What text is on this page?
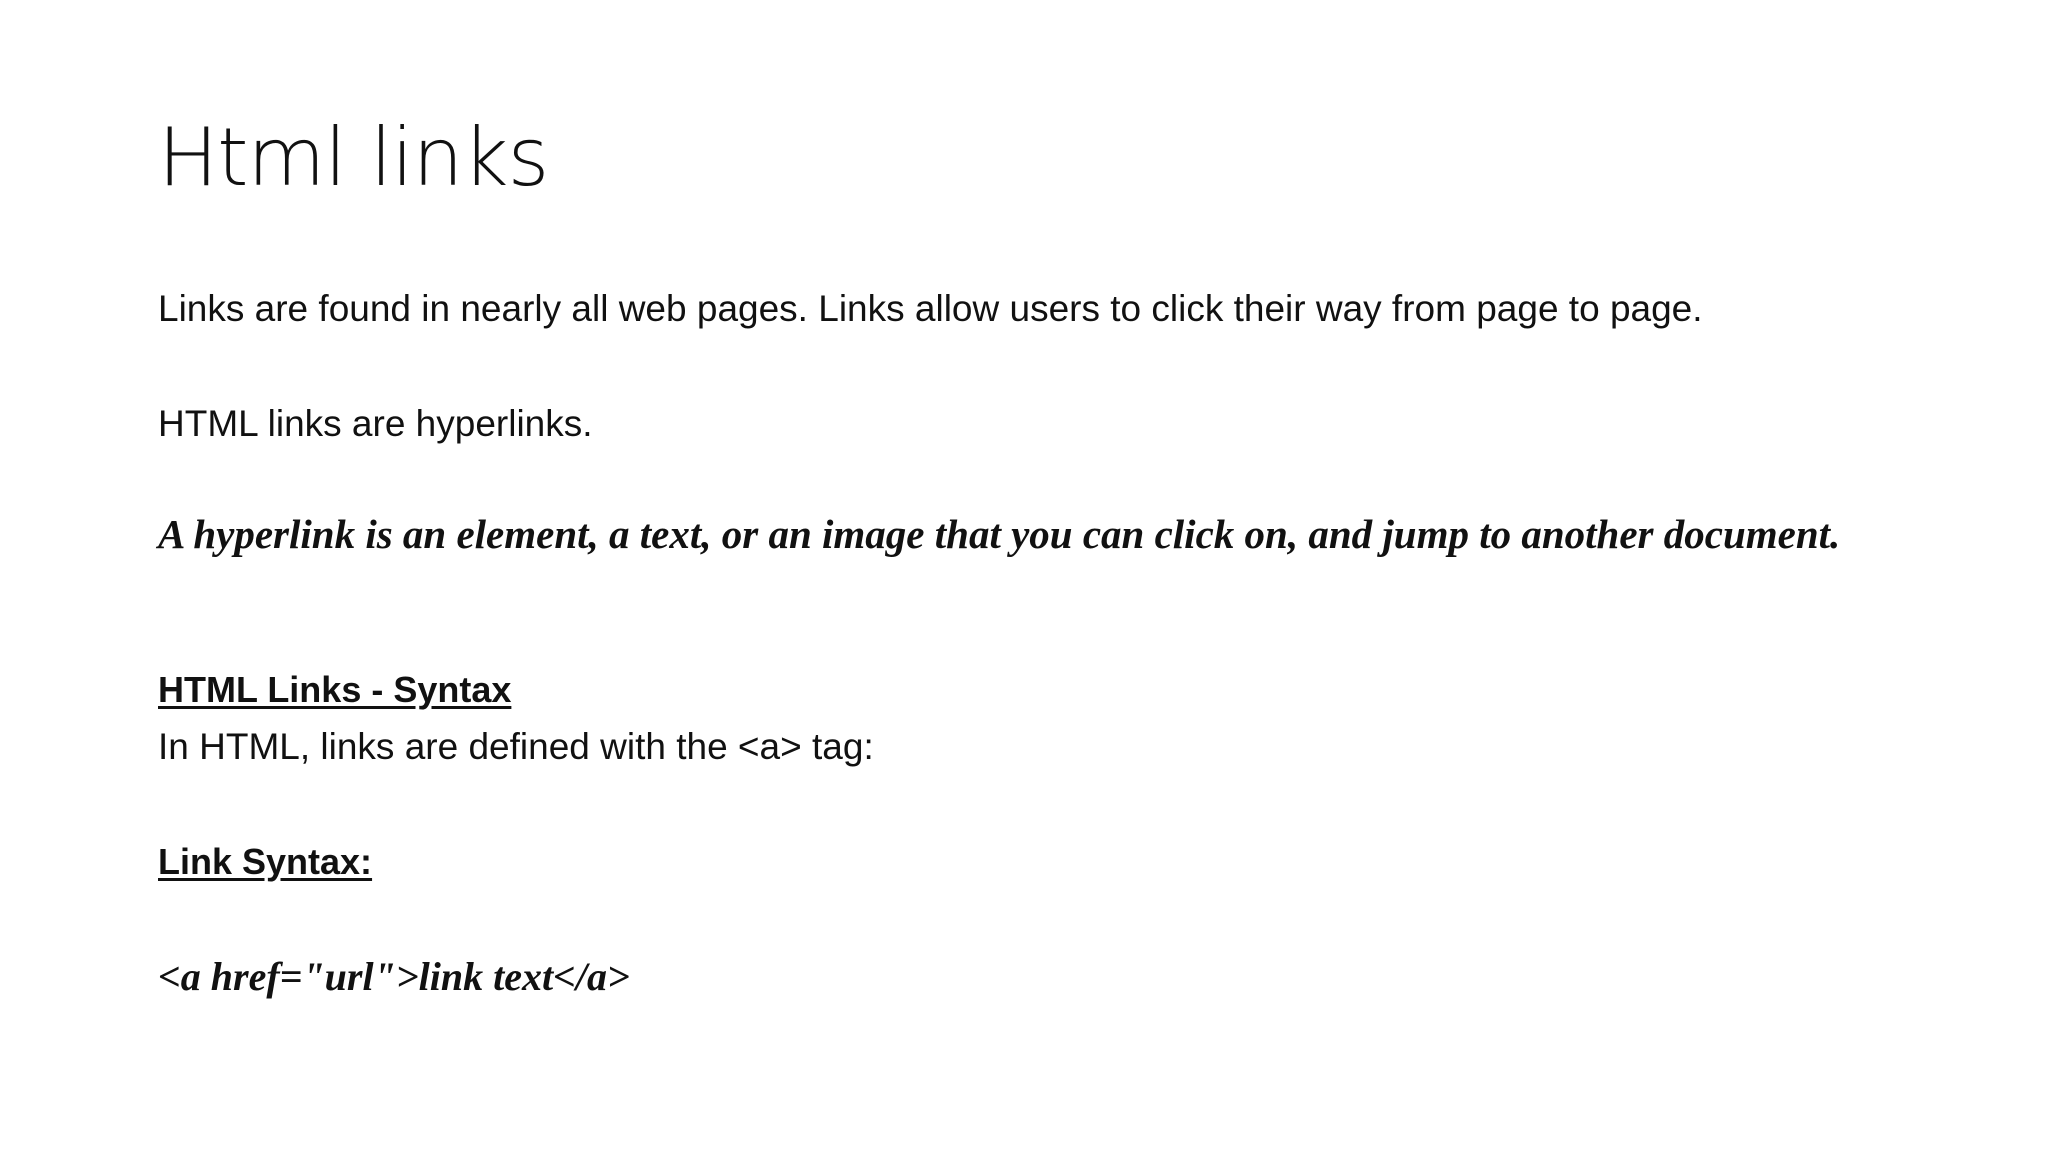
Html links
Links are found in nearly all web pages. Links allow users to click their way from page to page.
HTML links are hyperlinks.
A hyperlink is an element, a text, or an image that you can click on, and jump to another document.
HTML Links - Syntax
In HTML, links are defined with the <a> tag:
Link Syntax:
<a href="url">link text</a>
